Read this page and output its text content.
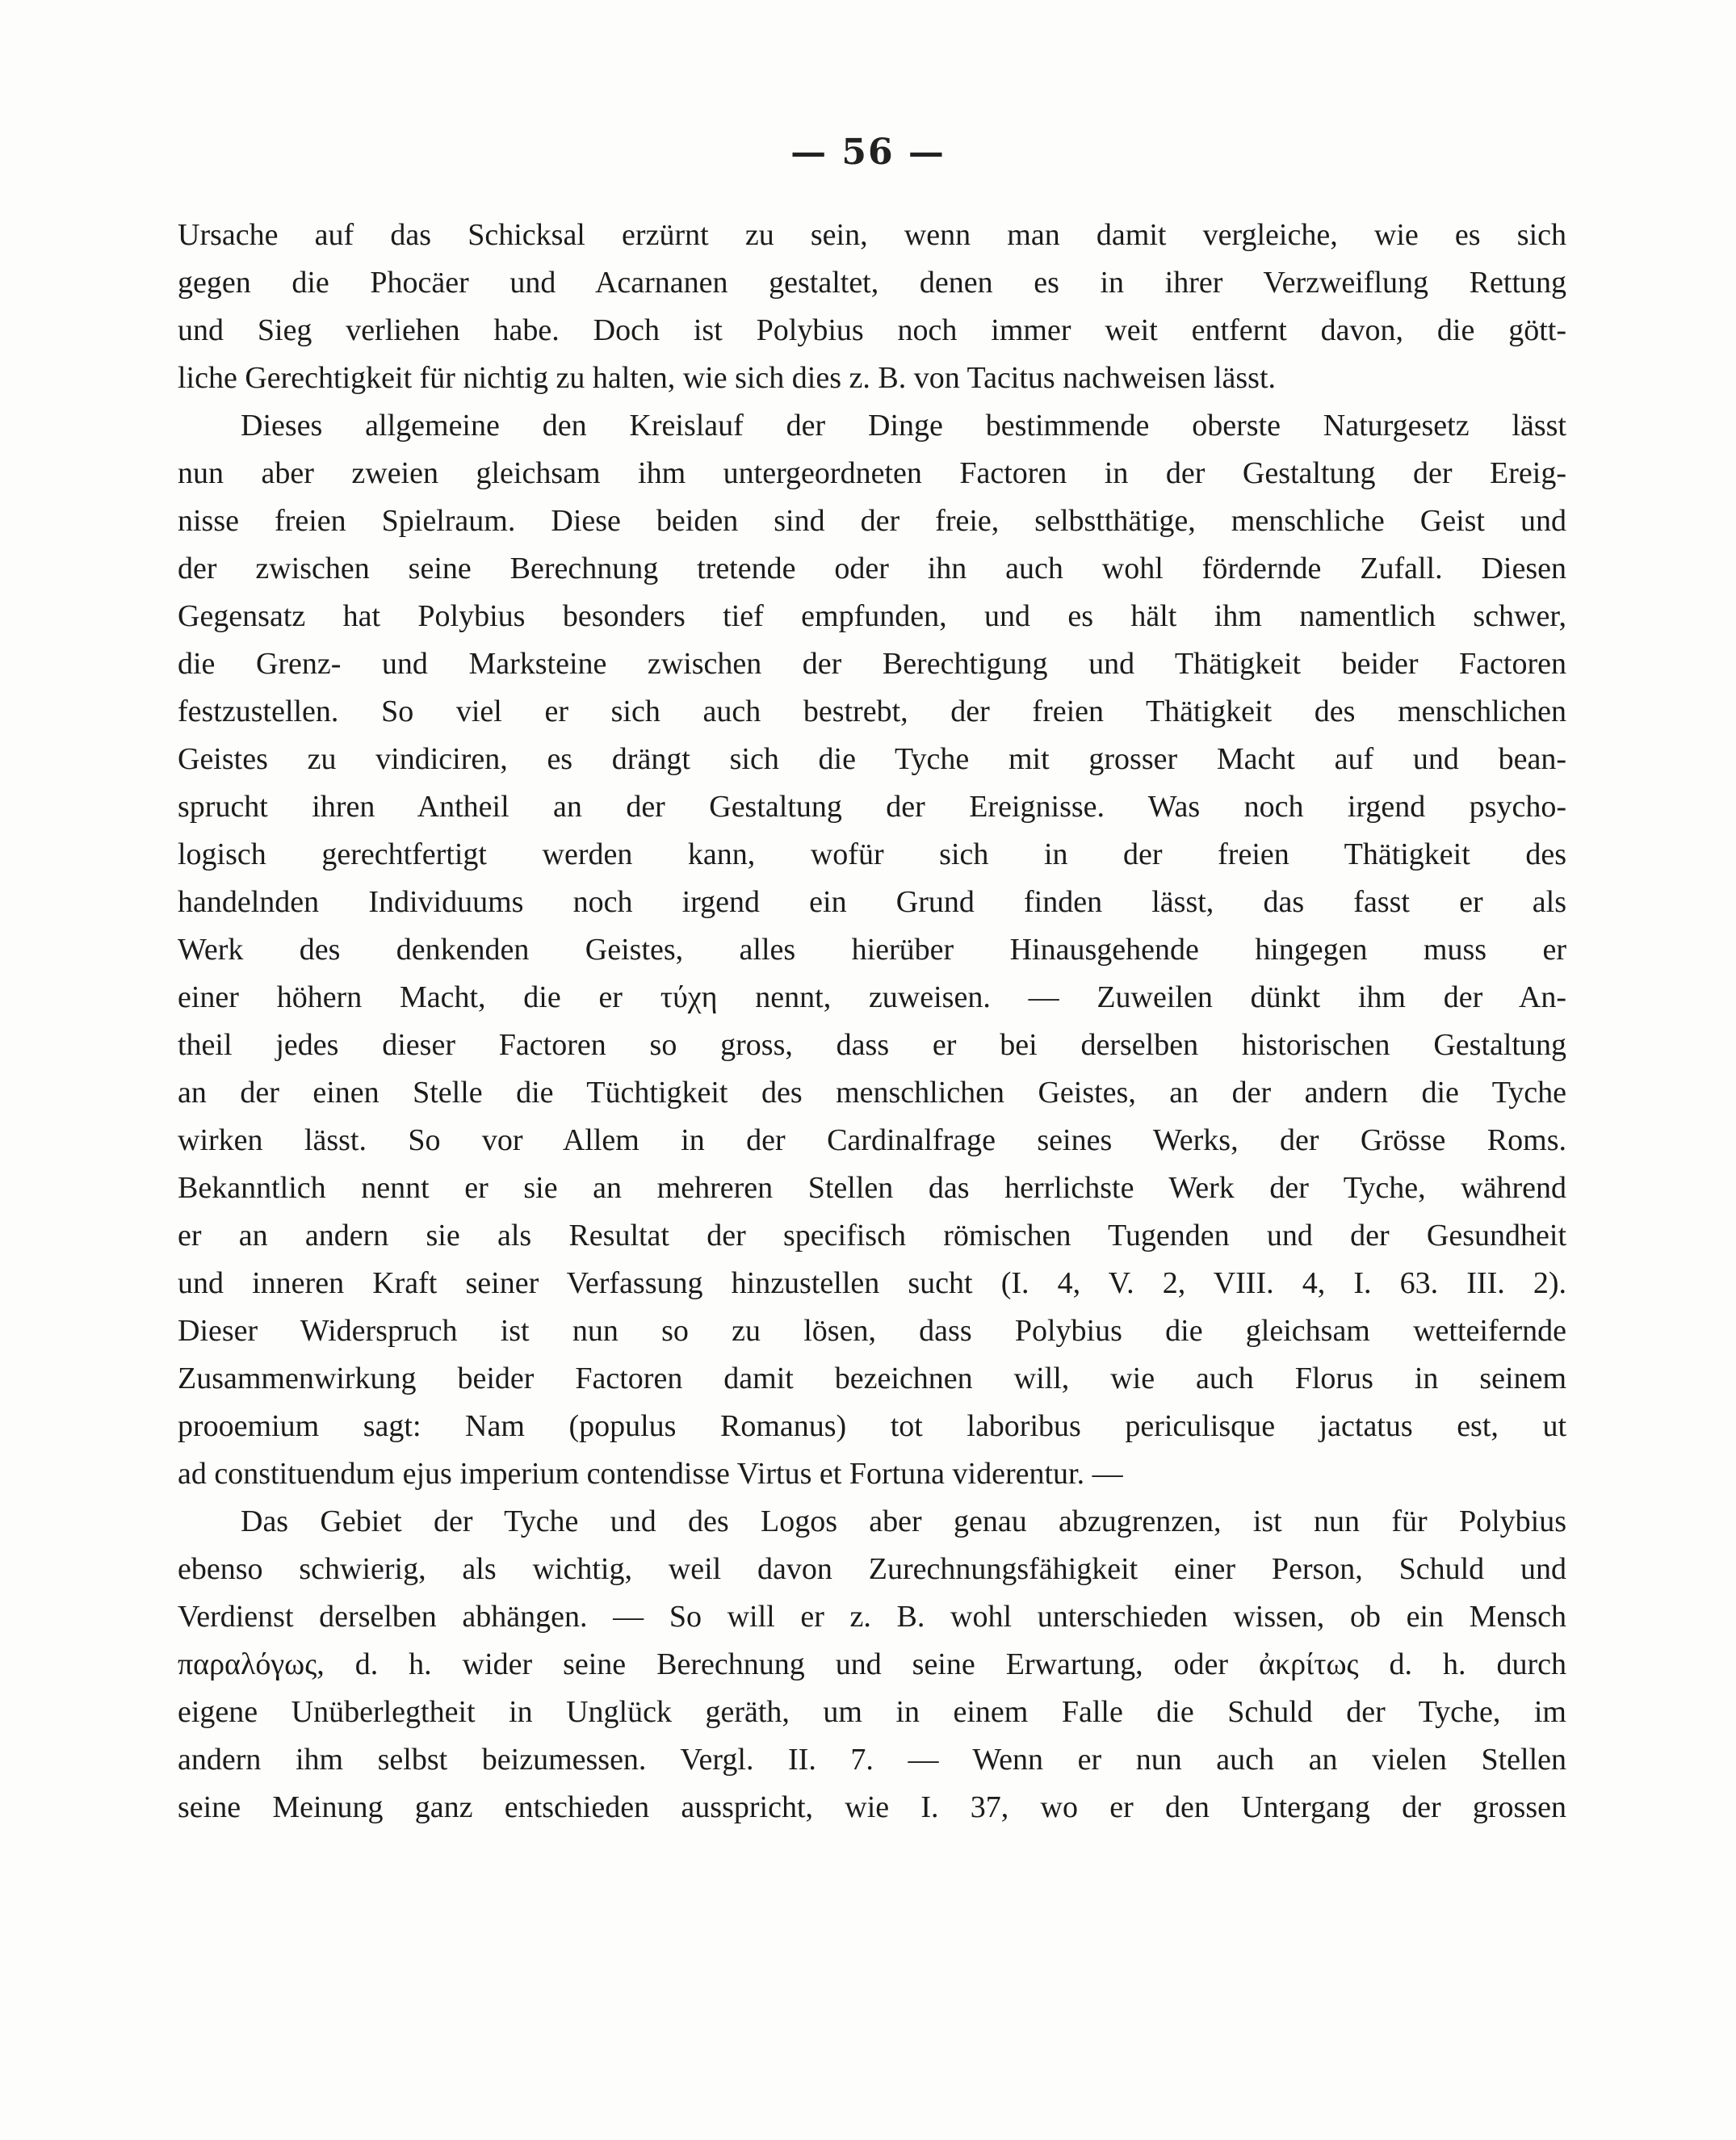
— 56 —
Ursache auf das Schicksal erzürnt zu sein, wenn man damit vergleiche, wie es sich
gegen die Phocäer und Acarnanen gestaltet, denen es in ihrer Verzweiflung Rettung
und Sieg verliehen habe. Doch ist Polybius noch immer weit entfernt davon, die gött-
liche Gerechtigkeit für nichtig zu halten, wie sich dies z. B. von Tacitus nachweisen lässt.
Dieses allgemeine den Kreislauf der Dinge bestimmende oberste Naturgesetz lässt
nun aber zweien gleichsam ihm untergeordneten Factoren in der Gestaltung der Ereig-
nisse freien Spielraum. Diese beiden sind der freie, selbstthätige, menschliche Geist und
der zwischen seine Berechnung tretende oder ihn auch wohl fördernde Zufall. Diesen
Gegensatz hat Polybius besonders tief empfunden, und es hält ihm namentlich schwer,
die Grenz- und Marksteine zwischen der Berechtigung und Thätigkeit beider Factoren
festzustellen. So viel er sich auch bestrebt, der freien Thätigkeit des menschlichen
Geistes zu vindiciren, es drängt sich die Tyche mit grosser Macht auf und bean-
sprucht ihren Antheil an der Gestaltung der Ereignisse. Was noch irgend psycho-
logisch gerechtfertigt werden kann, wofür sich in der freien Thätigkeit des
handelnden Individuums noch irgend ein Grund finden lässt, das fasst er als
Werk des denkenden Geistes, alles hierüber Hinausgehende hingegen muss er
einer höhern Macht, die er τύχη nennt, zuweisen. — Zuweilen dünkt ihm der An-
theil jedes dieser Factoren so gross, dass er bei derselben historischen Gestaltung
an der einen Stelle die Tüchtigkeit des menschlichen Geistes, an der andern die Tyche
wirken lässt. So vor Allem in der Cardinalfrage seines Werks, der Grösse Roms.
Bekanntlich nennt er sie an mehreren Stellen das herrlichste Werk der Tyche, während
er an andern sie als Resultat der specifisch römischen Tugenden und der Gesundheit
und inneren Kraft seiner Verfassung hinzustellen sucht (I. 4, V. 2, VIII. 4, I. 63. III. 2).
Dieser Widerspruch ist nun so zu lösen, dass Polybius die gleichsam wetteifernde
Zusammenwirkung beider Factoren damit bezeichnen will, wie auch Florus in seinem
prooemium sagt: Nam (populus Romanus) tot laboribus periculisque jactatus est, ut
ad constituendum ejus imperium contendisse Virtus et Fortuna viderentur. —
Das Gebiet der Tyche und des Logos aber genau abzugrenzen, ist nun für Polybius
ebenso schwierig, als wichtig, weil davon Zurechnungsfähigkeit einer Person, Schuld und
Verdienst derselben abhängen. — So will er z. B. wohl unterschieden wissen, ob ein Mensch
παραλόγως, d. h. wider seine Berechnung und seine Erwartung, oder ἀκρίτως d. h. durch
eigene Unüberlegtheit in Unglück geräth, um in einem Falle die Schuld der Tyche, im
andern ihm selbst beizumessen. Vergl. II. 7. — Wenn er nun auch an vielen Stellen
seine Meinung ganz entschieden ausspricht, wie I. 37, wo er den Untergang der grossen
